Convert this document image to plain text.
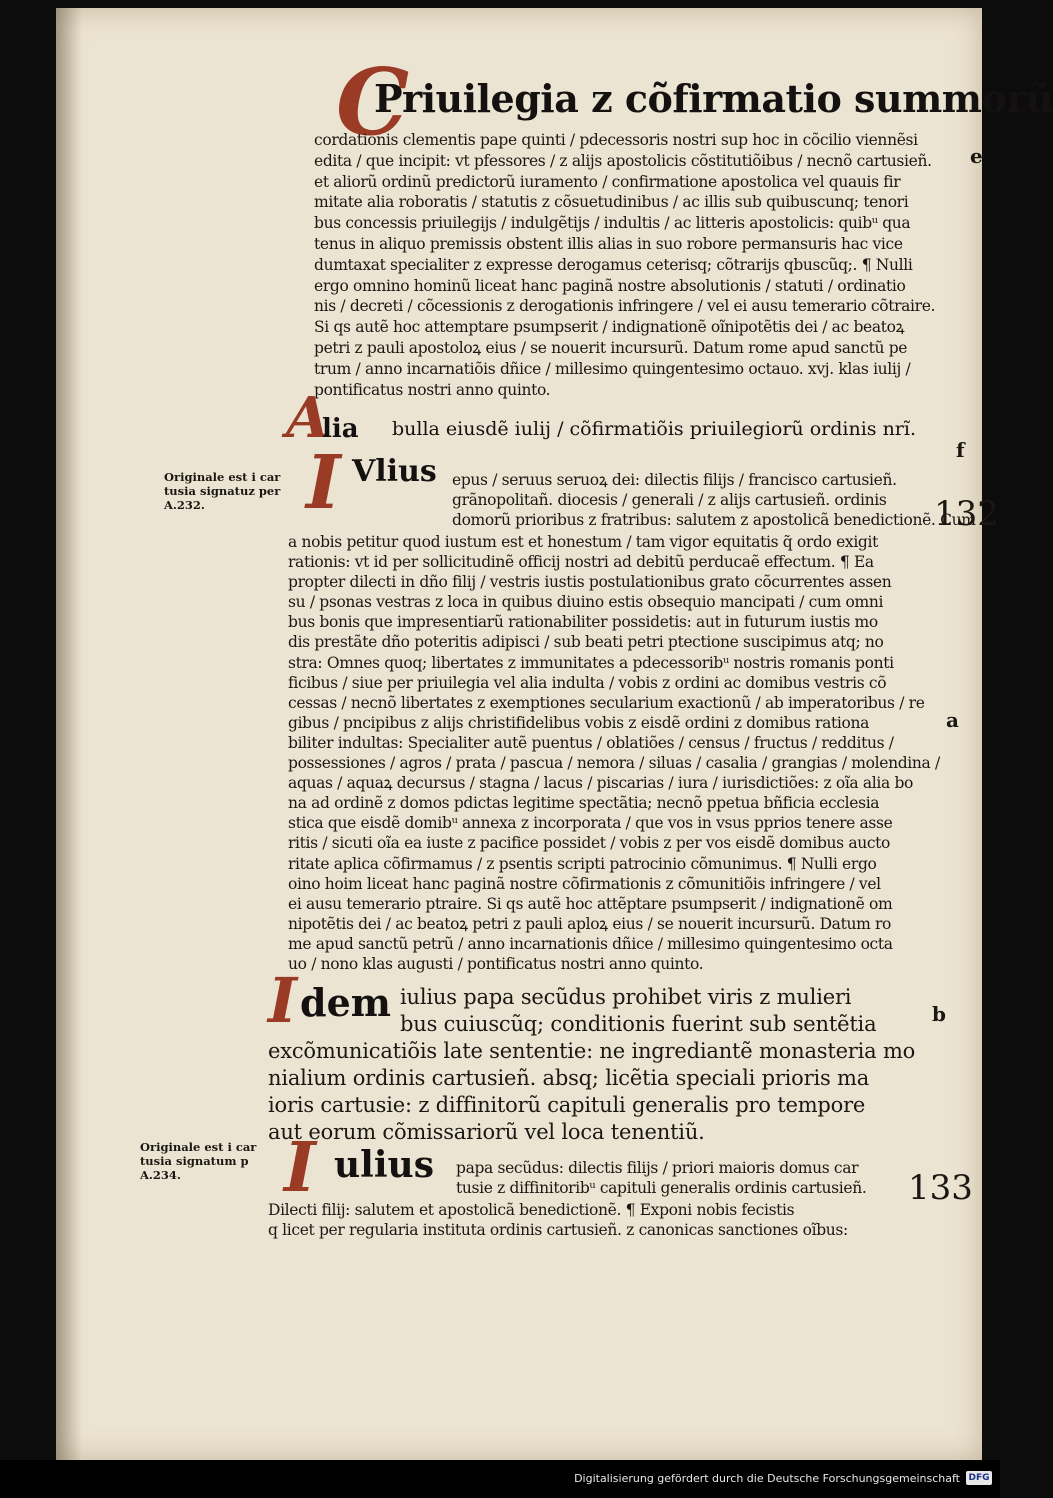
C
Priuilegia z cõfirmatio summorũ
e
cordationis clementis pape quinti / pdecessoris nostri sup hoc in cõcilio viennẽsi
edita / que incipit: vt pfessores / z alijs apostolicis cõstitutiõibus / necnõ cartusieñ.
et aliorũ ordinũ predictorũ iuramento / confirmatione apostolica vel quauis fir
mitate alia roboratis / statutis z cõsuetudinibus / ac illis sub quibuscunq; tenori
bus concessis priuilegijs / indulgẽtijs / indultis / ac litteris apostolicis: quibᵘ qua
tenus in aliquo premissis obstent illis alias in suo robore permansuris hac vice
dumtaxat specialiter z expresse derogamus ceterisq; cõtrarijs qbuscũq;. ¶ Nulli
ergo omnino hominũ liceat hanc paginã nostre absolutionis / statuti / ordinatio
nis / decreti / cõcessionis z derogationis infringere / vel ei ausu temerario cõtraire.
Si qs autẽ hoc attemptare psumpserit / indignationẽ oĩnipotẽtis dei / ac beatoꝝ
petri z pauli apostoloꝝ eius / se nouerit incursurũ. Datum rome apud sanctũ pe
trum / anno incarnatiõis dñice / millesimo quingentesimo octauo. xvj. klas iulij /
pontificatus nostri anno quinto.
A
lia bulla eiusdẽ iulij / cõfirmatiõis priuilegiorũ ordinis nrĩ.
f
Originale est i car
tusia signatuz per
A.232.	I Vlius epus / seruus seruoꝝ dei: dilectis filijs / francisco cartusieñ.
grãnopolitañ. diocesis / generali / z alijs cartusieñ. ordinis
domorũ prioribus z fratribus: salutem z apostolicã benedictionẽ. Cum
132
a nobis petitur quod iustum est et honestum / tam vigor equitatis q̃ ordo exigit
rationis: vt id per sollicitudinẽ officij nostri ad debitũ perducaẽ effectum. ¶ Ea
propter dilecti in dño filij / vestris iustis postulationibus grato cõcurrentes assen
su / psonas vestras z loca in quibus diuino estis obsequio mancipati / cum omni
bus bonis que impresentiarũ rationabiliter possidetis: aut in futurum iustis mo
dis prestãte dño poteritis adipisci / sub beati petri ptectione suscipimus atq; no
stra: Omnes quoq; libertates z immunitates a pdecessoribᵘ nostris romanis ponti
ficibus / siue per priuilegia vel alia indulta / vobis z ordini ac domibus vestris cõ
cessas / necnõ libertates z exemptiones secularium exactionũ / ab imperatoribus / re
gibus / pncipibus z alijs christifidelibus vobis z eisdẽ ordini z domibus rationa
biliter indultas: Specialiter autẽ puentus / oblatiões / census / fructus / redditus /
possessiones / agros / prata / pascua / nemora / siluas / casalia / grangias / molendina /
aquas / aquaꝝ decursus / stagna / lacus / piscarias / iura / iurisdictiões: z oĩa alia bo
na ad ordinẽ z domos pdictas legitime spectãtia; necnõ ppetua bñficia ecclesia
stica que eisdẽ domibᵘ annexa z incorporata / que vos in vsus pprios tenere asse
ritis / sicuti oĩa ea iuste z pacifice possidet / vobis z per vos eisdẽ domibus aucto
ritate aplica cõfirmamus / z psentis scripti patrocinio cõmunimus. ¶ Nulli ergo
oino hoim liceat hanc paginã nostre cõfirmationis z cõmunitiõis infringere / vel
ei ausu temerario ptraire. Si qs autẽ hoc attẽptare psumpserit / indignationẽ om
nipotẽtis dei / ac beatoꝝ petri z pauli aploꝝ eius / se nouerit incursurũ. Datum ro
me apud sanctũ petrũ / anno incarnationis dñice / millesimo quingentesimo octa
uo / nono klas augusti / pontificatus nostri anno quinto.
a
I dem iulius papa secũdus prohibet viris z mulieri
bus cuiuscũq; conditionis fuerint sub sentẽtia	b
excõmunicatiõis late sententie: ne ingrediantẽ monasteria mo
nialium ordinis cartusieñ. absq; licẽtia speciali prioris ma
ioris cartusie: z diffinitorũ capituli generalis pro tempore
aut eorum cõmissariorũ vel loca tenentiũ.
Originale est i car
tusia signatum p
A.234.	I ulius papa secũdus: dilectis filijs / priori maioris domus car
tusie z diffinitoribᵘ capituli generalis ordinis cartusieñ.	133
Dilecti filij: salutem et apostolicã benedictionẽ. ¶ Exponi nobis fecistis
q licet per regularia instituta ordinis cartusieñ. z canonicas sanctiones oĩbus:
Digitalisierung gefördert durch die Deutsche Forschungsgemeinschaft DFG
